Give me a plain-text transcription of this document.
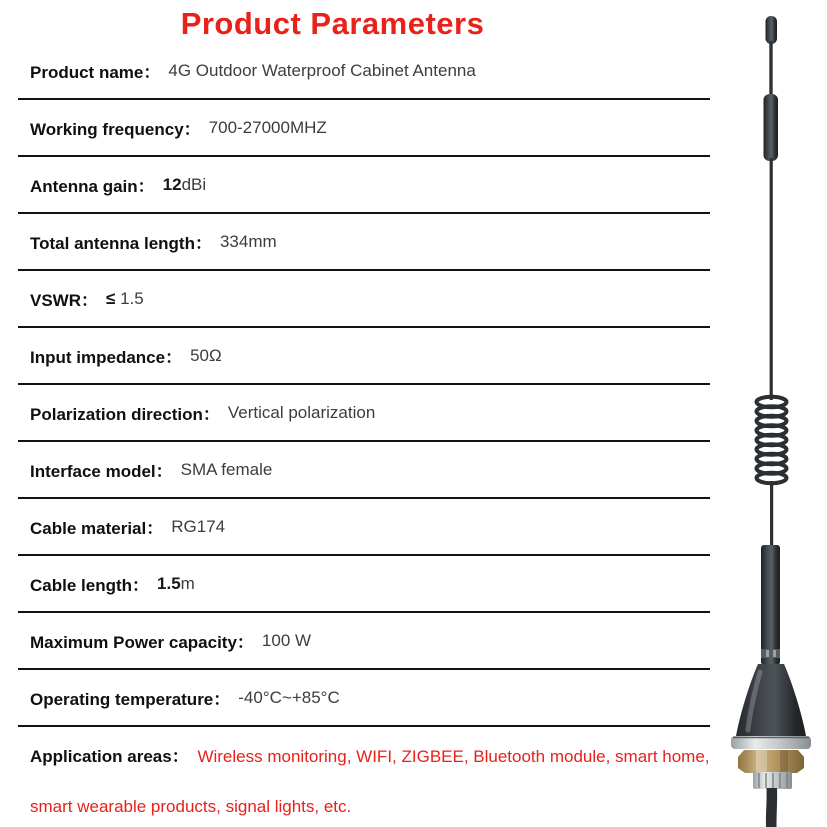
Product Parameters
Product name： 4G Outdoor Waterproof Cabinet Antenna
Working frequency： 700-27000MHZ
Antenna gain： 12dBi
Total antenna length： 334mm
VSWR： ≤ 1.5
Input impedance： 50Ω
Polarization direction： Vertical polarization
Interface model： SMA female
Cable material： RG174
Cable length： 1.5m
Maximum Power capacity： 100 W
Operating temperature： -40°C~+85°C
Application areas： Wireless monitoring, WIFI, ZIGBEE, Bluetooth module, smart home, smart wearable products, signal lights, etc.
